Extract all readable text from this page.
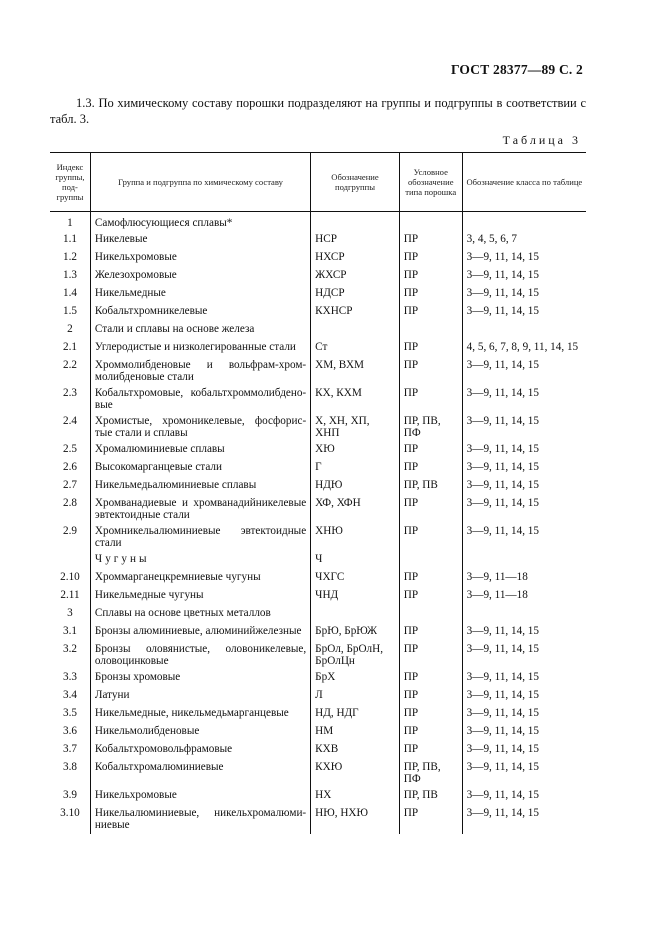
ГОСТ 28377—89 С. 2
1.3. По химическому составу порошки подразделяют на группы и подгруппы в соответствии с табл. 3.
Таблица 3
Индекс группы, под-группы	Группа и подгруппа по химическому составу	Обозначение подгруппы	Условное обозначение типа порошка	Обозначение класса по таблице
1	Самофлюсующиеся сплавы*			
1.1	Никелевые	НСР	ПР	3, 4, 5, 6, 7
1.2	Никельхромовые	НХСР	ПР	3—9, 11, 14, 15
1.3	Железохромовые	ЖХСР	ПР	3—9, 11, 14, 15
1.4	Никельмедные	НДСР	ПР	3—9, 11, 14, 15
1.5	Кобальтхромникелевые	КХНСР	ПР	3—9, 11, 14, 15
2	Стали и сплавы на основе железа			
2.1	Углеродистые и низколегированные стали	Ст	ПР	4, 5, 6, 7, 8, 9, 11, 14, 15
2.2	Хроммолибденовые и вольфрам-хром-молибденовые стали	ХМ, ВХМ	ПР	3—9, 11, 14, 15
2.3	Кобальтхромовые, кобальтхроммолибдено-вые	КХ, КХМ	ПР	3—9, 11, 14, 15
2.4	Хромистые, хромоникелевые, фосфорис-тые стали и сплавы	Х, ХН, ХП, ХНП	ПР, ПВ, ПФ	3—9, 11, 14, 15
2.5	Хромалюминиевые сплавы	ХЮ	ПР	3—9, 11, 14, 15
2.6	Высокомарганцевые стали	Г	ПР	3—9, 11, 14, 15
2.7	Никельмедьалюминиевые сплавы	НДЮ	ПР, ПВ	3—9, 11, 14, 15
2.8	Хромванадиевые и хромванадийникелевые эвтектоидные стали	ХФ, ХФН	ПР	3—9, 11, 14, 15
2.9	Хромникельалюминиевые эвтектоидные стали	ХНЮ	ПР	3—9, 11, 14, 15
	Чугуны	Ч		
2.10	Хроммарганецкремниевые чугуны	ЧХГС	ПР	3—9, 11—18
2.11	Никельмедные чугуны	ЧНД	ПР	3—9, 11—18
3	Сплавы на основе цветных металлов			
3.1	Бронзы алюминиевые, алюминийжелезные	БрЮ, БрЮЖ	ПР	3—9, 11, 14, 15
3.2	Бронзы оловянистые, оловоникелевые, оловоцинковые	БрОл, БрОлН, БрОлЦн	ПР	3—9, 11, 14, 15
3.3	Бронзы хромовые	БрХ	ПР	3—9, 11, 14, 15
3.4	Латуни	Л	ПР	3—9, 11, 14, 15
3.5	Никельмедные, никельмедьмарганцевые	НД, НДГ	ПР	3—9, 11, 14, 15
3.6	Никельмолибденовые	НМ	ПР	3—9, 11, 14, 15
3.7	Кобальтхромовольфрамовые	КХВ	ПР	3—9, 11, 14, 15
3.8	Кобальтхромалюминиевые	КХЮ	ПР, ПВ, ПФ	3—9, 11, 14, 15
3.9	Никельхромовые	НХ	ПР, ПВ	3—9, 11, 14, 15
3.10	Никельалюминиевые, никельхромалюми-ниевые	НЮ, НХЮ	ПР	3—9, 11, 14, 15
